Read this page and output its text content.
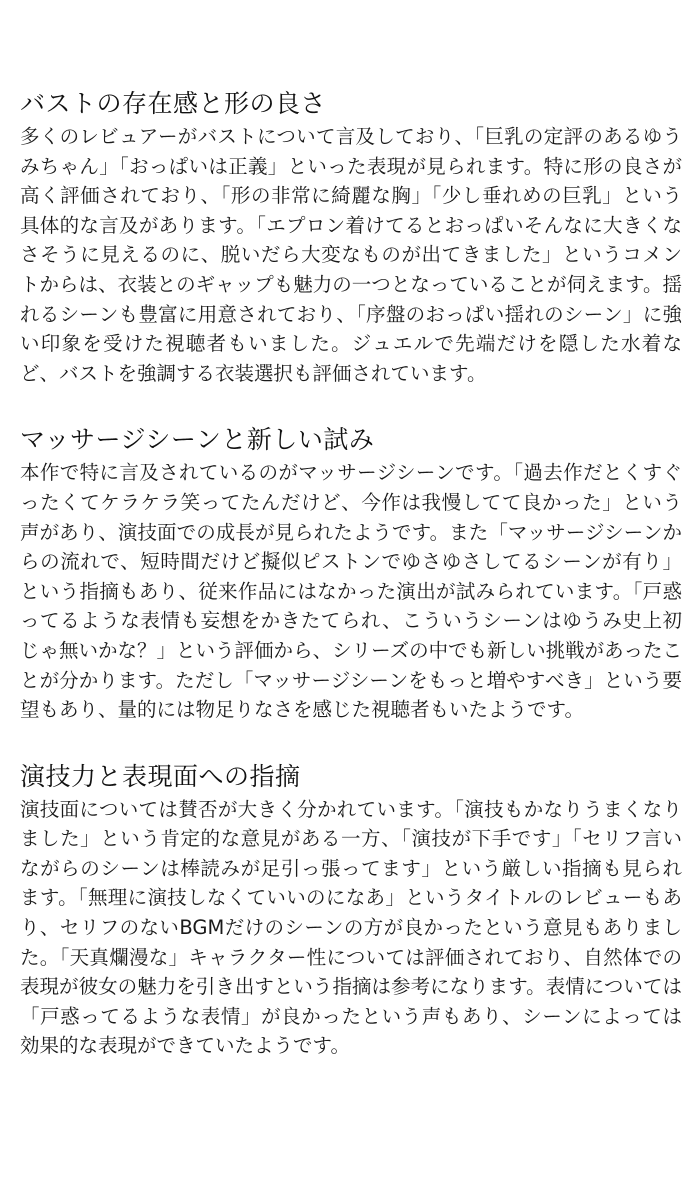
バストの存在感と形の良さ

多くのレビュアーがバストについて言及しており、「巨乳の定評のあるゆうみちゃん」「おっぱいは正義」といった表現が見られます。特に形の良さが高く評価されており、「形の非常に綺麗な胸」「少し垂れめの巨乳」という具体的な言及があります。「エプロン着けてるとおっぱいそんなに大きくなさそうに見えるのに、脱いだら大変なものが出てきました」というコメントからは、衣装とのギャップも魅力の一つとなっていることが伺えます。揺れるシーンも豊富に用意されており、「序盤のおっぱい揺れのシーン」に強い印象を受けた視聴者もいました。ジュエルで先端だけを隠した水着など、バストを強調する衣装選択も評価されています。

マッサージシーンと新しい試み

本作で特に言及されているのがマッサージシーンです。「過去作だとくすぐったくてケラケラ笑ってたんだけど、今作は我慢してて良かった」という声があり、演技面での成長が見られたようです。また「マッサージシーンからの流れで、短時間だけど擬似ピストンでゆさゆさしてるシーンが有り」という指摘もあり、従来作品にはなかった演出が試みられています。「戸惑ってるような表情も妄想をかきたてられ、こういうシーンはゆうみ史上初じゃ無いかな？」という評価から、シリーズの中でも新しい挑戦があったことが分かります。ただし「マッサージシーンをもっと増やすべき」という要望もあり、量的には物足りなさを感じた視聴者もいたようです。

演技力と表現面への指摘

演技面については賛否が大きく分かれています。「演技もかなりうまくなりました」という肯定的な意見がある一方、「演技が下手です」「セリフ言いながらのシーンは棒読みが足引っ張ってます」という厳しい指摘も見られます。「無理に演技しなくていいのになあ」というタイトルのレビューもあり、セリフのないBGMだけのシーンの方が良かったという意見もありました。「天真爛漫な」キャラクター性については評価されており、自然体での表現が彼女の魅力を引き出すという指摘は参考になります。表情については「戸惑ってるような表情」が良かったという声もあり、シーンによっては効果的な表現ができていたようです。
